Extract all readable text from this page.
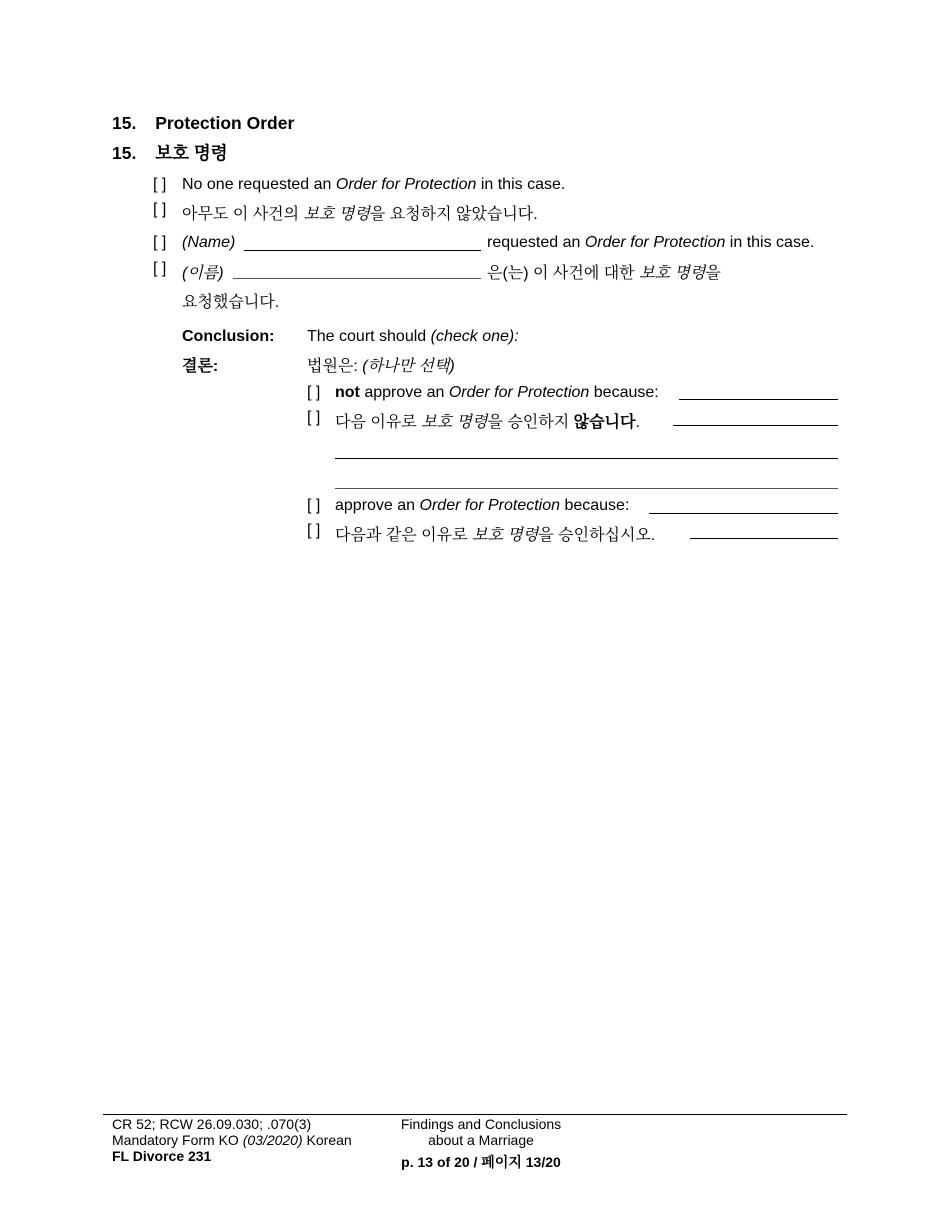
15. Protection Order
15. 보호 명령
[ ] No one requested an Order for Protection in this case.
[ ] 아무도 이 사건의 보호 명령을 요청하지 않았습니다.
[ ] (Name)	requested an Order for Protection in this case.
[ ] (이름)	은(는) 이 사건에 대한 보호 명령을
요청했습니다.
Conclusion: The court should (check one):
결론:	법원은: (하나만 선택)
[ ] not approve an Order for Protection because:
[ ] 다음 이유로 보호 명령을 승인하지 않습니다.
[ ] approve an Order for Protection because:
[ ] 다음과 같은 이유로 보호 명령을 승인하십시오.
CR 52; RCW 26.09.030; .070(3)
Mandatory Form KO (03/2020) Korean
FL Divorce 231
Findings and Conclusions
about a Marriage
p. 13 of 20 / 페이지 13/20
